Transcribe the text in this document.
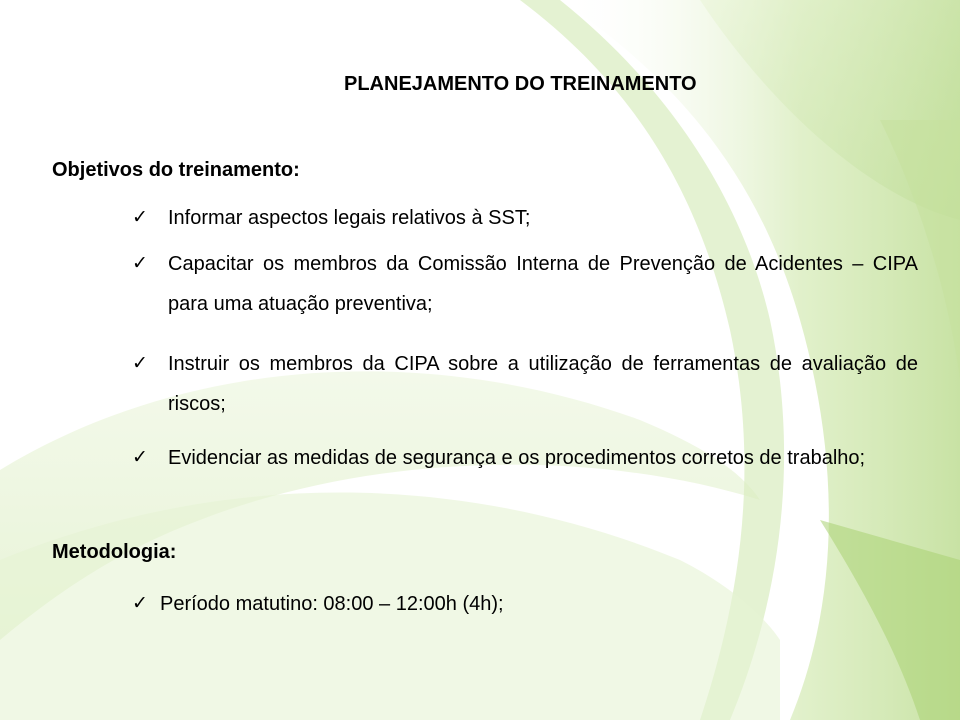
PLANEJAMENTO DO TREINAMENTO
Objetivos do treinamento:
✓	Informar aspectos legais relativos à SST;
✓	Capacitar os membros da Comissão Interna de Prevenção de Acidentes – CIPA para uma atuação preventiva;
✓	Instruir os membros da CIPA sobre a utilização de ferramentas de avaliação de riscos;
✓	Evidenciar as medidas de segurança e os procedimentos corretos de trabalho;
Metodologia:
✓ Período matutino: 08:00 – 12:00h (4h);
